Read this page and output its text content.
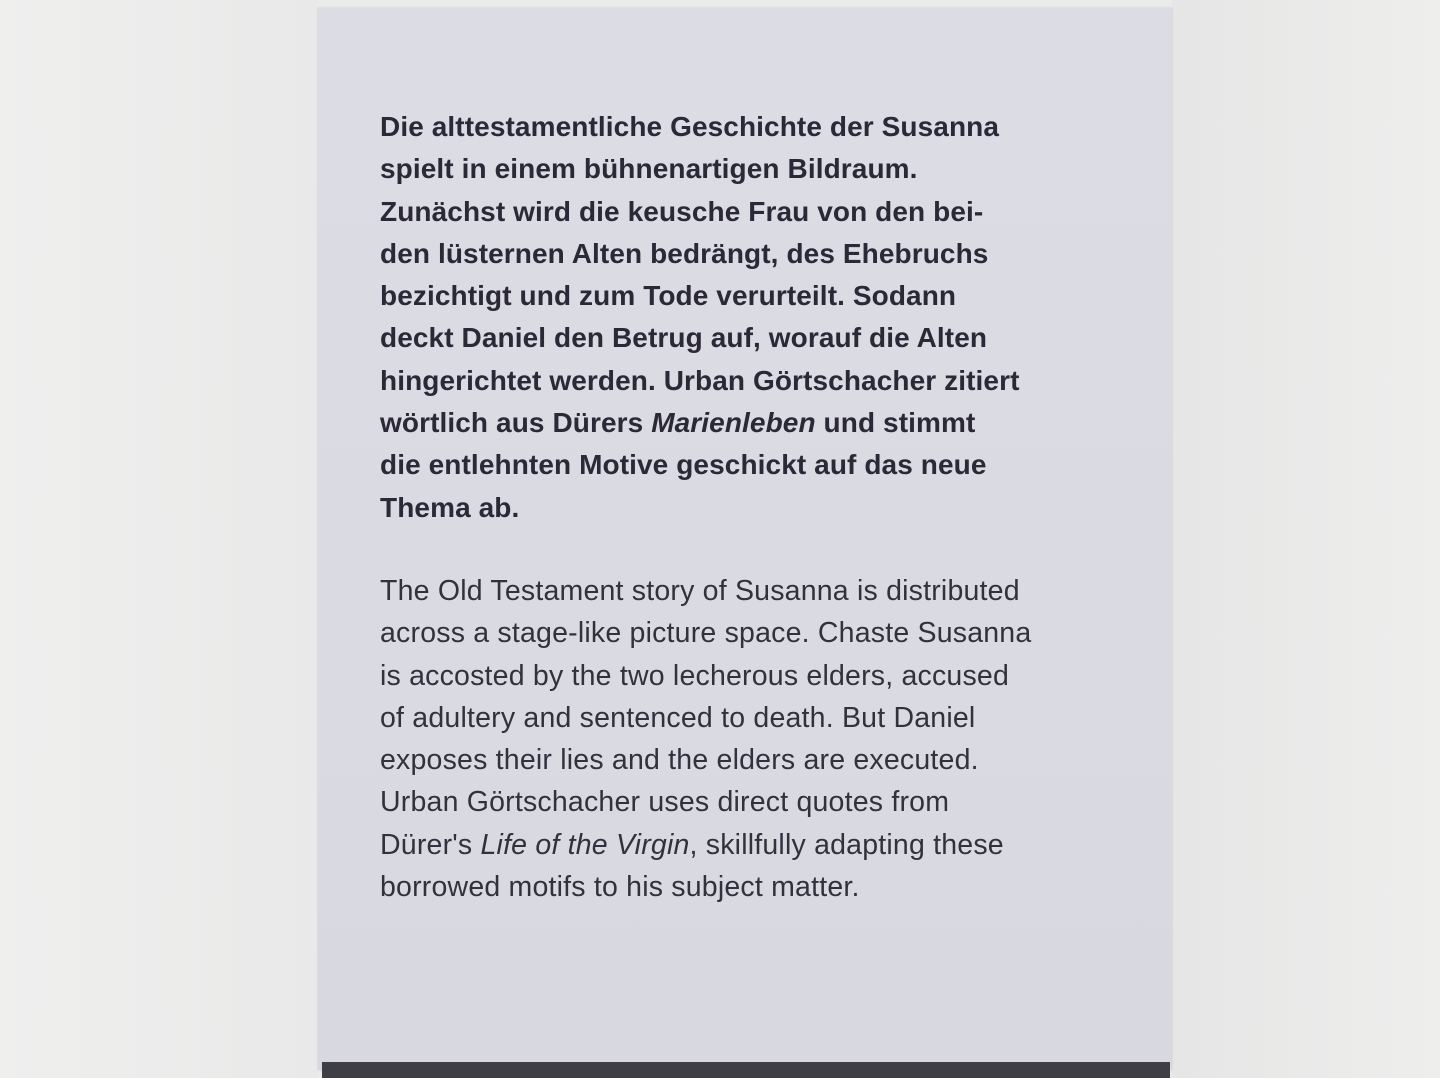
Die alttestamentliche Geschichte der Susanna
spielt in einem bühnenartigen Bildraum.
Zunächst wird die keusche Frau von den bei-
den lüsternen Alten bedrängt, des Ehebruchs
bezichtigt und zum Tode verurteilt. Sodann
deckt Daniel den Betrug auf, worauf die Alten
hingerichtet werden. Urban Görtschacher zitiert
wörtlich aus Dürers Marienleben und stimmt
die entlehnten Motive geschickt auf das neue
Thema ab.
The Old Testament story of Susanna is distributed
across a stage-like picture space. Chaste Susanna
is accosted by the two lecherous elders, accused
of adultery and sentenced to death. But Daniel
exposes their lies and the elders are executed.
Urban Görtschacher uses direct quotes from
Dürer's Life of the Virgin, skillfully adapting these
borrowed motifs to his subject matter.
